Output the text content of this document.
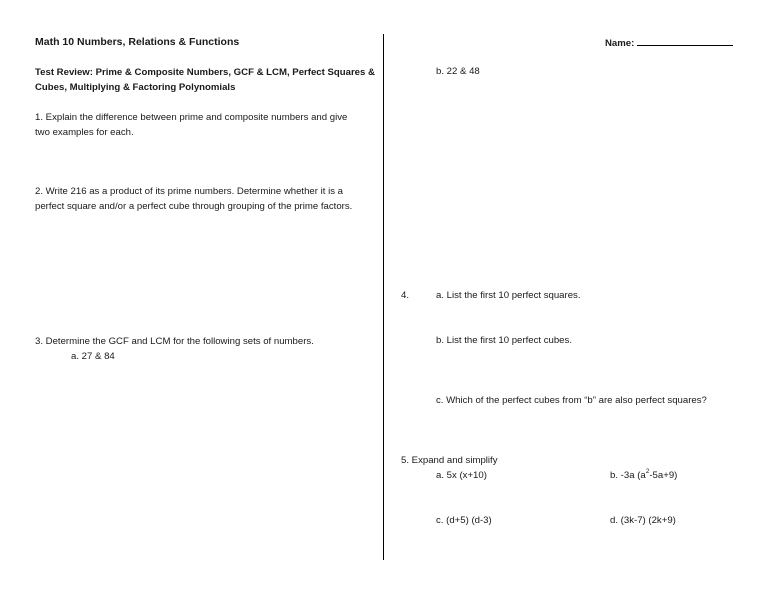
Math 10 Numbers, Relations & Functions
Test Review: Prime & Composite Numbers, GCF & LCM, Perfect Squares &
Cubes, Multiplying & Factoring Polynomials
1. Explain the difference between prime and composite numbers and give
two examples for each.
2. Write 216 as a product of its prime numbers. Determine whether it is a
perfect square and/or a perfect cube through grouping of the prime factors.
3. Determine the GCF and LCM for the following sets of numbers.
a. 27 & 84
Name:
b. 22 & 48
4.	a. List the first 10 perfect squares.
b. List the first 10 perfect cubes.
c. Which of the perfect cubes from “b” are also perfect squares?
5. Expand and simplify
a. 5x (x+10)	b. -3a $(a^2-5a+9)$
c. (d+5) (d-3)	d. (3k-7) (2k+9)
